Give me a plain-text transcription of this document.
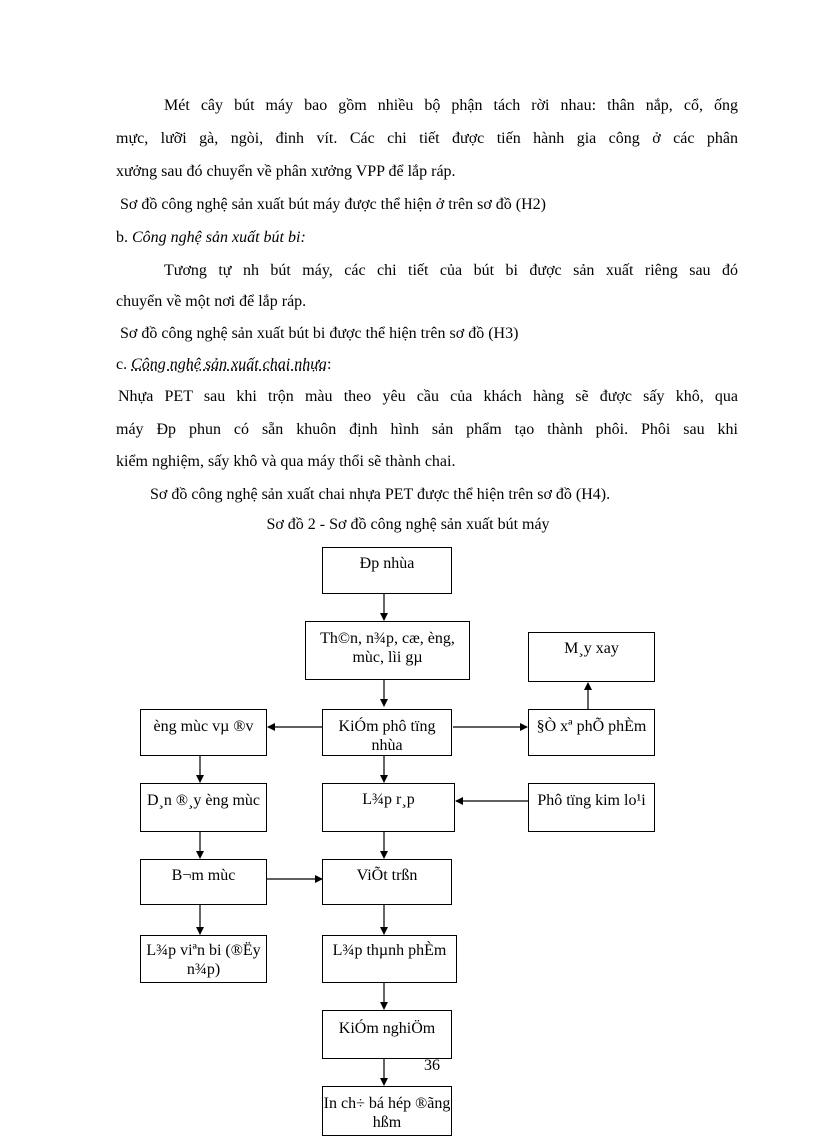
Mét cây bút máy bao gồm nhiều bộ phận tách rời nhau: thân nắp, cổ, ống
mực, lưỡi gà, ngòi, đinh vít. Các chi tiết được tiến hành gia công ở các phân
xưởng sau đó chuyển về phân xưởng VPP để lắp ráp.
Sơ đồ công nghệ sản xuất bút máy được thể hiện ở trên sơ đồ (H2)
b. Công nghệ sản xuất bút bi:
Tương tự nh bút máy, các chi tiết của bút bi được sản xuất riêng sau đó
chuyển về một nơi để lắp ráp.
Sơ đồ công nghệ sản xuất bút bi được thể hiện trên sơ đồ (H3)
c. Công nghệ sản xuất chai nhựa:
Nhựa PET sau khi trộn màu theo yêu cầu của khách hàng sẽ được sấy khô, qua
máy Đp phun có sẵn khuôn định hình sản phẩm tạo thành phôi. Phôi sau khi
kiểm nghiệm, sấy khô và qua máy thổi sẽ thành chai.
Sơ đồ công nghệ sản xuất chai nhựa PET được thể hiện trên sơ đồ (H4).
Sơ đồ 2 - Sơ đồ công nghệ sản xuất bút máy
Đp nhùa
Th©n, n¾p, cæ, èng, mùc, lìi gµ
M¸y xay
èng mùc vµ ®v	KiÓm phô tïng nhùa
§Ò xª phÕ phÈm
D¸n ®¸y èng mùc	L¾p r¸p	Phô tïng kim lo¹i
B¬m mùc	ViÕt trßn
L¾p viªn bi (®Ëy n¾p)
L¾p thµnh phÈm
KiÓm nghiÖm
In ch÷ bá hép ®ãng hßm
36
